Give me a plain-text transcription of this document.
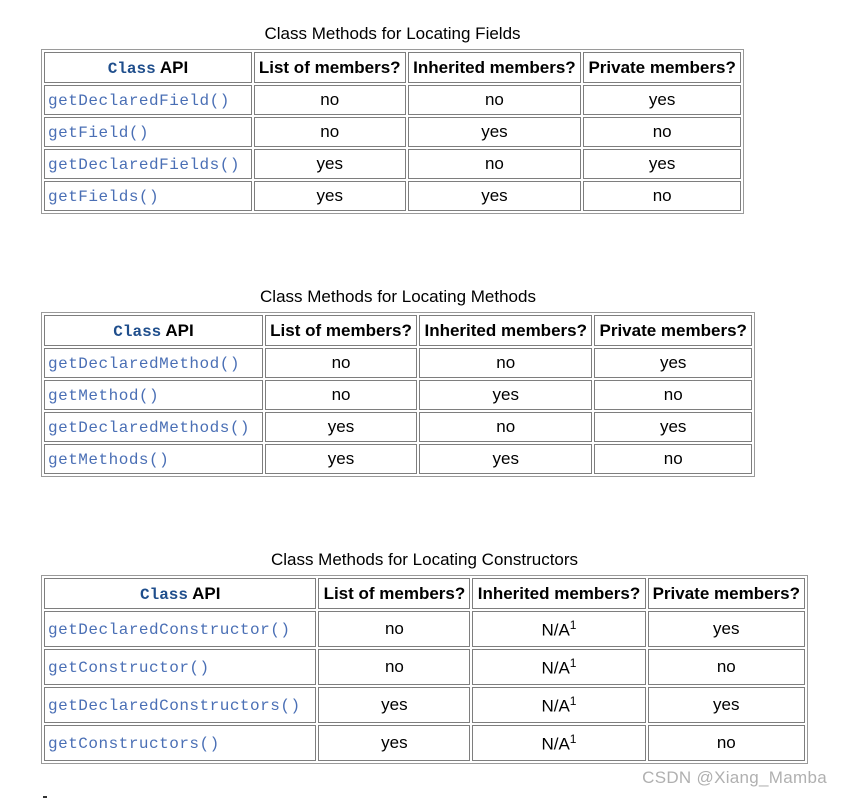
Class Methods for Locating Fields
Class API	List of members?	Inherited members?	Private members?
getDeclaredField()	no	no	yes
getField()	no	yes	no
getDeclaredFields()	yes	no	yes
getFields()	yes	yes	no
Class Methods for Locating Methods
Class API	List of members?	Inherited members?	Private members?
getDeclaredMethod()	no	no	yes
getMethod()	no	yes	no
getDeclaredMethods()	yes	no	yes
getMethods()	yes	yes	no
Class Methods for Locating Constructors
Class API	List of members?	Inherited members?	Private members?
getDeclaredConstructor()	no	$N/A^1$	yes
getConstructor()	no	$N/A^1$	no
getDeclaredConstructors()	yes	$N/A^1$	yes
getConstructors()	yes	$N/A^1$	no
CSDN @Xiang_Mamba
